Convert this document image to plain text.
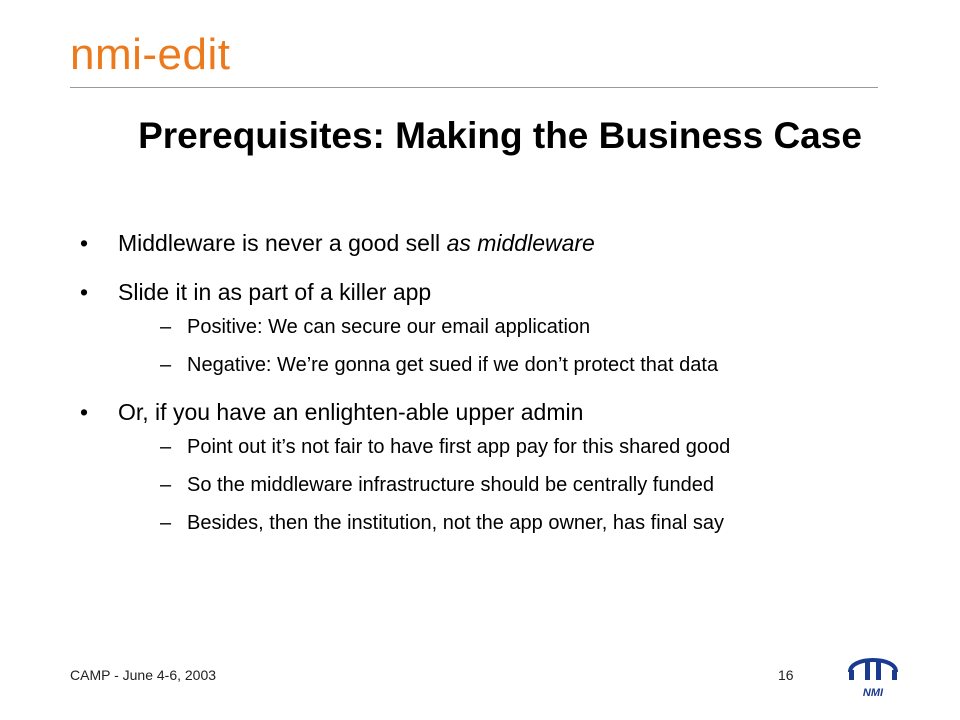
nmi-edit
Prerequisites: Making the Business Case
• Middleware is never a good sell as middleware
• Slide it in as part of a killer app
– Positive: We can secure our email application
– Negative: We’re gonna get sued if we don’t protect that data
• Or, if you have an enlighten-able upper admin
– Point out it’s not fair to have first app pay for this shared good
– So the middleware infrastructure should be centrally funded
– Besides, then the institution, not the app owner, has final say
CAMP - June 4-6, 2003	16
NMI
